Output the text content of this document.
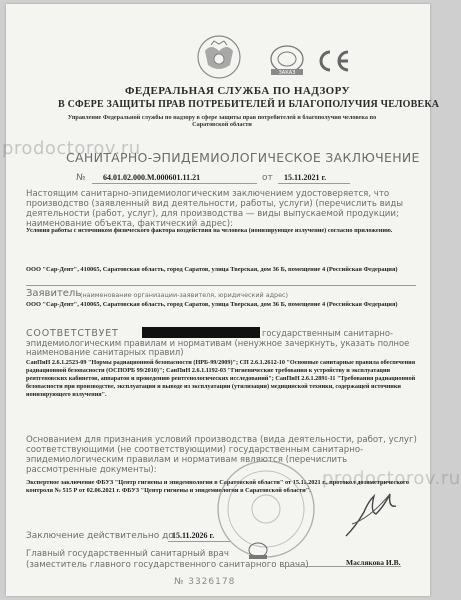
ЗАКАЗ
ФЕДЕРАЛЬНАЯ СЛУЖБА ПО НАДЗОРУ
В СФЕРЕ ЗАЩИТЫ ПРАВ ПОТРЕБИТЕЛЕЙ И БЛАГОПОЛУЧИЯ ЧЕЛОВЕКА
Управление Федеральной службы по надзору в сфере защиты прав потребителей и благополучия человека по Саратовской области
prodoctorov.ru
prodoctorov.ru
САНИТАРНО-ЭПИДЕМИОЛОГИЧЕСКОЕ ЗАКЛЮЧЕНИЕ
№ 64.01.02.000.М.000601.11.21	от 15.11.2021 г.
Настоящим санитарно-эпидемиологическим заключением удостоверяется, что производство (заявленный вид деятельности, работы, услуги) (перечислить виды деятельности (работ, услуг), для производства — виды выпускаемой продукции; наименование объекта, фактический адрес):
Условия работы с источником физического фактора воздействия на человека (ионизирующее излучение) согласно приложению.
ООО "Сар-Дент", 410065, Саратовская область, город Саратов, улица Тверская, дом 36 Б, помещение 4 (Российская Федерация)
Заявитель
(наименование организации-заявителя, юридический адрес)
ООО "Сар-Дент", 410065, Саратовская область, город Саратов, улица Тверская, дом 36 Б, помещение 4 (Российская Федерация)
СООТВЕТСТВУЕТ	государственным санитарно-эпидемиологическим правилам и нормативам (ненужное зачеркнуть, указать полное наименование санитарных правил)
СанПиН 2.6.1.2523-09 "Нормы радиационной безопасности (НРБ-99/2009)"; СП 2.6.1.2612-10 "Основные санитарные правила обеспечения радиационной безопасности (ОСПОРБ 99/2010)"; СанПиН 2.6.1.1192-03 "Гигиенические требования к устройству и эксплуатации рентгеновских кабинетов, аппаратов и проведению рентгенологических исследований"; СанПиН 2.6.1.2891-11 "Требования радиационной безопасности при производстве, эксплуатации и выводе из эксплуатации (утилизации) медицинской техники, содержащей источники ионизирующего излучения".
Основанием для признания условий производства (вида деятельности, работ, услуг) соответствующими (не соответствующими) государственным санитарно-эпидемиологическим правилам и нормативам являются (перечислить рассмотренные документы):
Экспертное заключение ФБУЗ "Центр гигиены и эпидемиологии в Саратовской области" от 15.11.2021 г., протокол дозиметрического контроля № 515 Р от 02.06.2021 г. ФБУЗ "Центр гигиены и эпидемиологии в Саратовской области".
Заключение действительно до
15.11.2026 г.
Главный государственный санитарный врач
(заместитель главного государственного санитарного врача)	Маслякова И.В.
№ 3326178
